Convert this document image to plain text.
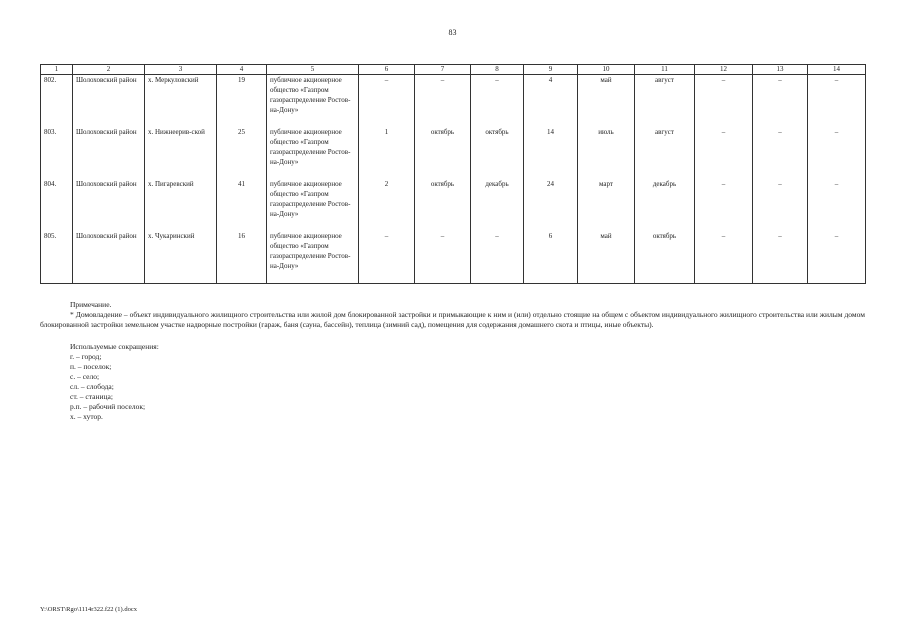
83
1	2	3	4	5	6	7	8	9	10	11	12	13	14
802.	Шолоховский район	х. Меркуловский	19	публичное акционерное общество «Газпром газораспределение Ростов-на-Дону»	–	–	–	4	май	август	–	–	–
803.	Шолоховский район	х. Нижнеерив-ской	25	публичное акционерное общество «Газпром газораспределение Ростов-на-Дону»	1	октябрь	октябрь	14	июль	август	–	–	–
804.	Шолоховский район	х. Пигаревский	41	публичное акционерное общество «Газпром газораспределение Ростов-на-Дону»	2	октябрь	декабрь	24	март	декабрь	–	–	–
805.	Шолоховский район	х. Чукаринский	16	публичное акционерное общество «Газпром газораспределение Ростов-на-Дону»	–	–	–	6	май	октябрь	–	–	–

Примечание.

* Домовладение – объект индивидуального жилищного строительства или жилой дом блокированной застройки и примыкающие к ним и (или) отдельно стоящие на общем с объектом индивидуального жилищного строительства или жилым домом блокированной застройки земельном участке надворные постройки (гараж, баня (сауна, бассейн), теплица (зимний сад), помещения для содержания домашнего скота и птицы, иные объекты).

Используемые сокращения:

г. – город;

п. – поселок;

с. – село;

сл. – слобода;

ст. – станица;

р.п. – рабочий поселок;

х. – хутор.

Y:\ORST\Rgo\1114r322.f22 (1).docx
